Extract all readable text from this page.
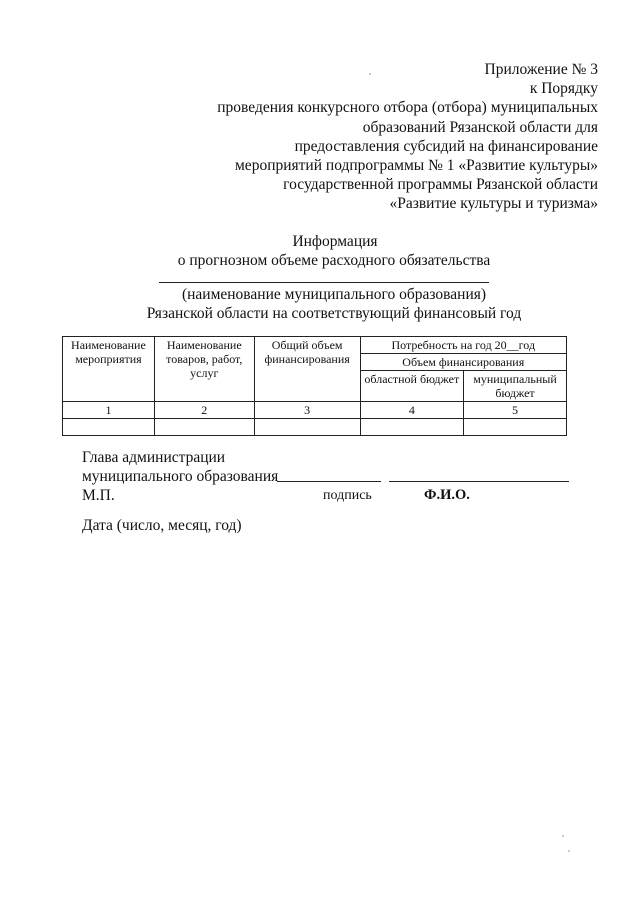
Приложение № 3
к Порядку
проведения конкурсного отбора (отбора) муниципальных
образований Рязанской области для
предоставления субсидий на финансирование
мероприятий подпрограммы № 1 «Развитие культуры»
государственной программы Рязанской области
«Развитие культуры и туризма»
Информация
о прогнозном объеме расходного обязательства
(наименование муниципального образования)
Рязанской области на соответствующий финансовый год
Наименование мероприятия	Наименование товаров, работ, услуг	Общий объем финансирования	Потребность на год 20__год	
			Объем финансирования	
			областной бюджет	муниципальный бюджет
1	2	3	4	5

Глава администрации
муниципального образования
М.П.	подпись	Ф.И.О.
Дата (число, месяц, год)
